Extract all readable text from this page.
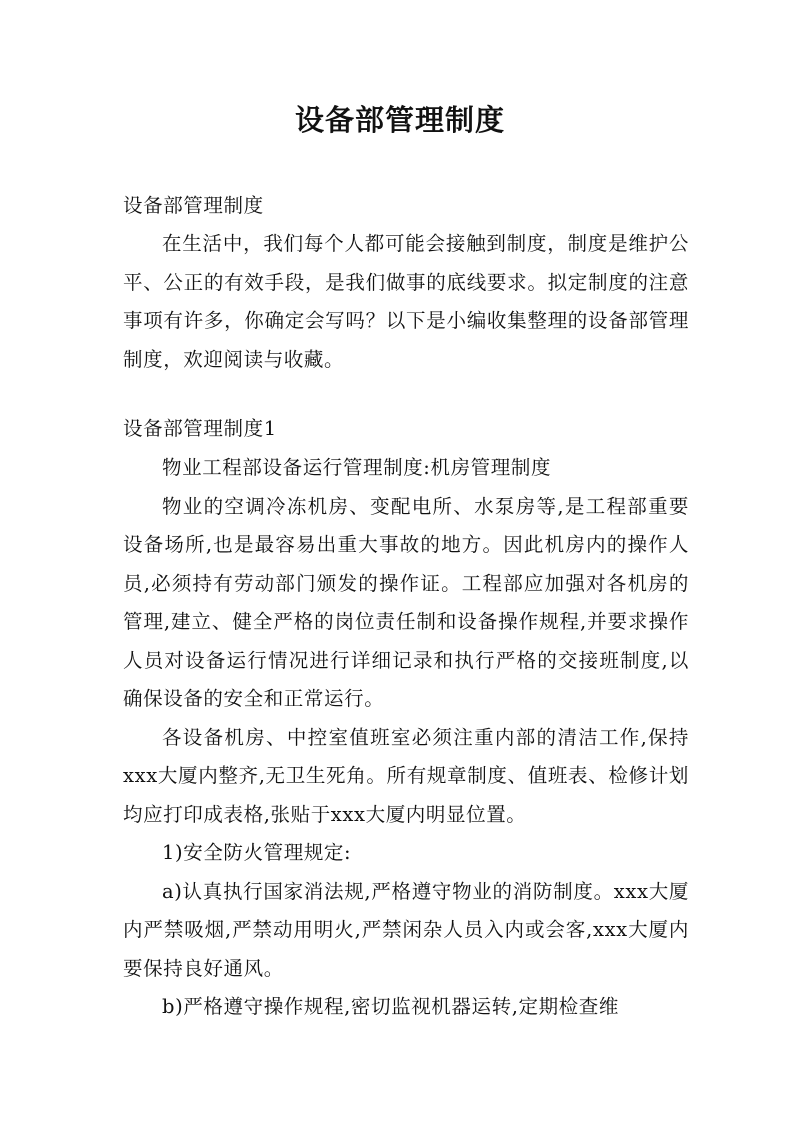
设备部管理制度
设备部管理制度

在生活中，我们每个人都可能会接触到制度，制度是维护公平、公正的有效手段，是我们做事的底线要求。拟定制度的注意事项有许多，你确定会写吗？以下是小编收集整理的设备部管理制度，欢迎阅读与收藏。

设备部管理制度1

物业工程部设备运行管理制度:机房管理制度

物业的空调冷冻机房、变配电所、水泵房等,是工程部重要设备场所,也是最容易出重大事故的地方。因此机房内的操作人员,必须持有劳动部门颁发的操作证。工程部应加强对各机房的管理,建立、健全严格的岗位责任制和设备操作规程,并要求操作人员对设备运行情况进行详细记录和执行严格的交接班制度,以确保设备的安全和正常运行。

各设备机房、中控室值班室必须注重内部的清洁工作,保持xxx大厦内整齐,无卫生死角。所有规章制度、值班表、检修计划均应打印成表格,张贴于xxx大厦内明显位置。

1)安全防火管理规定:

a)认真执行国家消法规,严格遵守物业的消防制度。xxx大厦内严禁吸烟,严禁动用明火,严禁闲杂人员入内或会客,xxx大厦内要保持良好通风。

b)严格遵守操作规程,密切监视机器运转,定期检查维
